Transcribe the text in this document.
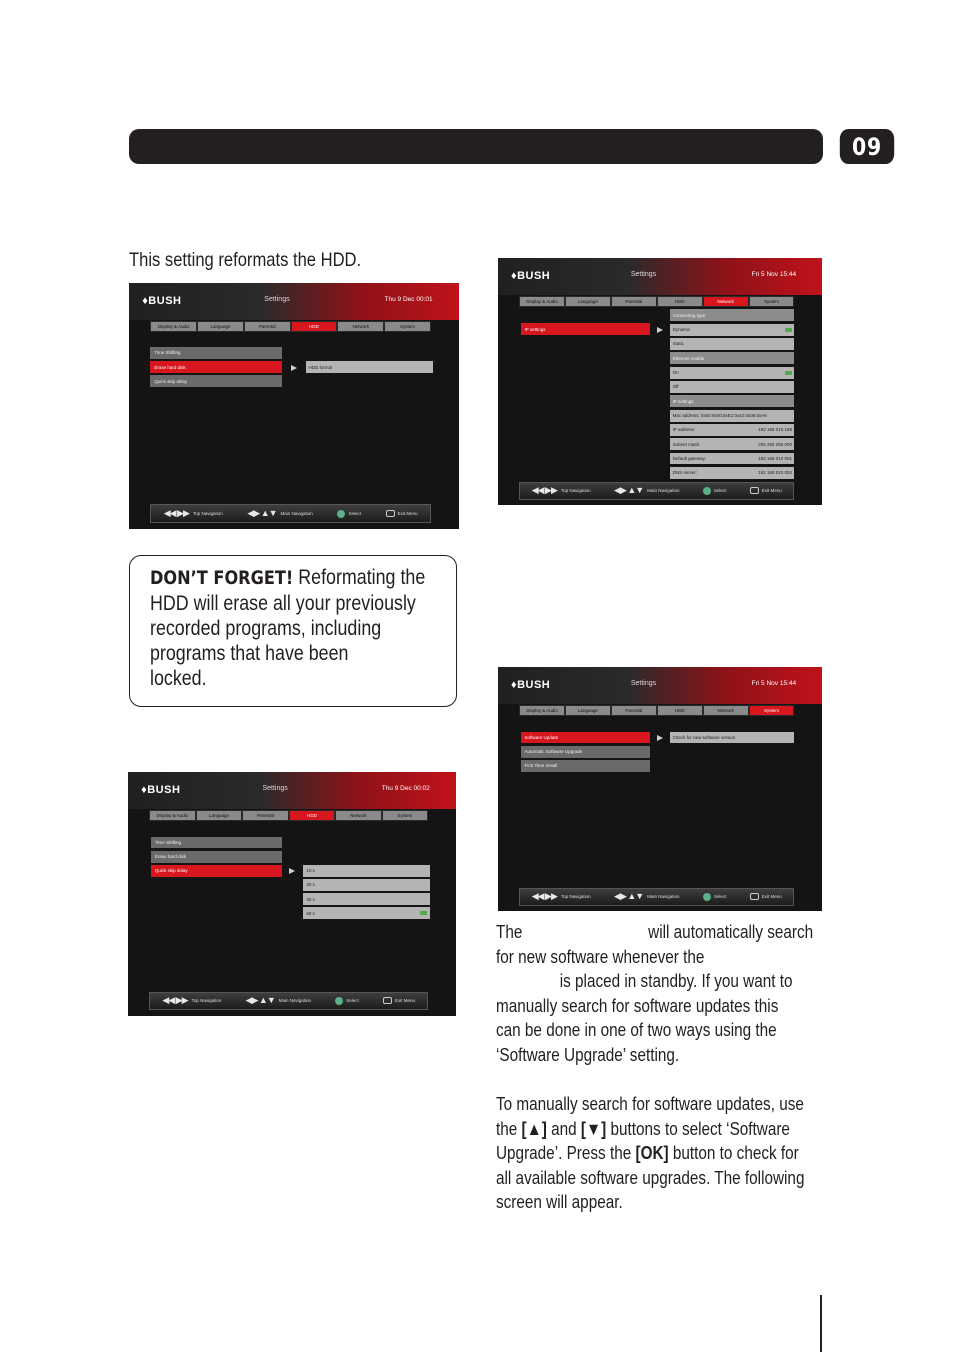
09
This setting reformats the HDD.
♦BUSH	Settings	Thu 9 Dec 00:01
Display & Audio	Language	Parental	HDD	Network	System
Time Shifting
Erase hard disk
Quick skip delay
HDD format
◀◀ ▶▶ Top Navigation	◀▶ ▲▼ Main Navigation	Select	Exit Menu
DON’T FORGET! Reformating the
HDD will erase all your previously
recorded programs, including
programs that have been
locked.
♦BUSH	Settings	Thu 9 Dec 00:02
Display & Audio	Language	Parental	HDD	Network	System
Time Shifting
Erase hard disk
Quick skip delay	10 s
30 s
40 s
60 s
◀◀ ▶▶ Top Navigation	◀▶ ▲▼ Main Navigation	Select	Exit Menu
♦BUSH	Settings	Fri 5 Nov 15:44
Display & Audio	Language	Parental	HDD	Network	System
IP settings
Connecting type:
Dynamic
Static
Ethernet enable
On
Off
IP settings
Mac address:
0x00:0x00:0xE1:0x42:0x08:0xA6
IP address:	192 168 010 188
Subnet mask:	255 255 255 000
Default gateway:	192 168 010 001
DNS server:	192 168 010 002
◀◀ ▶▶ Top Navigation	◀▶ ▲▼ Main Navigation	Select	Exit Menu
♦BUSH	Settings	Fri 5 Nov 15:44
Display & Audio	Language	Parental	HDD	Network	System
Software Update
Automatic Software Upgrade
First Time Install
Check for new software version
◀◀ ▶▶ Top Navigation	◀▶ ▲▼ Main Navigation	Select	Exit Menu
The	will automatically search
for new software whenever the
is placed in standby. If you want to
manually search for software updates this
can be done in one of two ways using the
‘Software Upgrade’ setting.
To manually search for software updates, use
the [▲] and [▼] buttons to select ‘Software
Upgrade’. Press the [OK] button to check for
all available software upgrades. The following
screen will appear.
